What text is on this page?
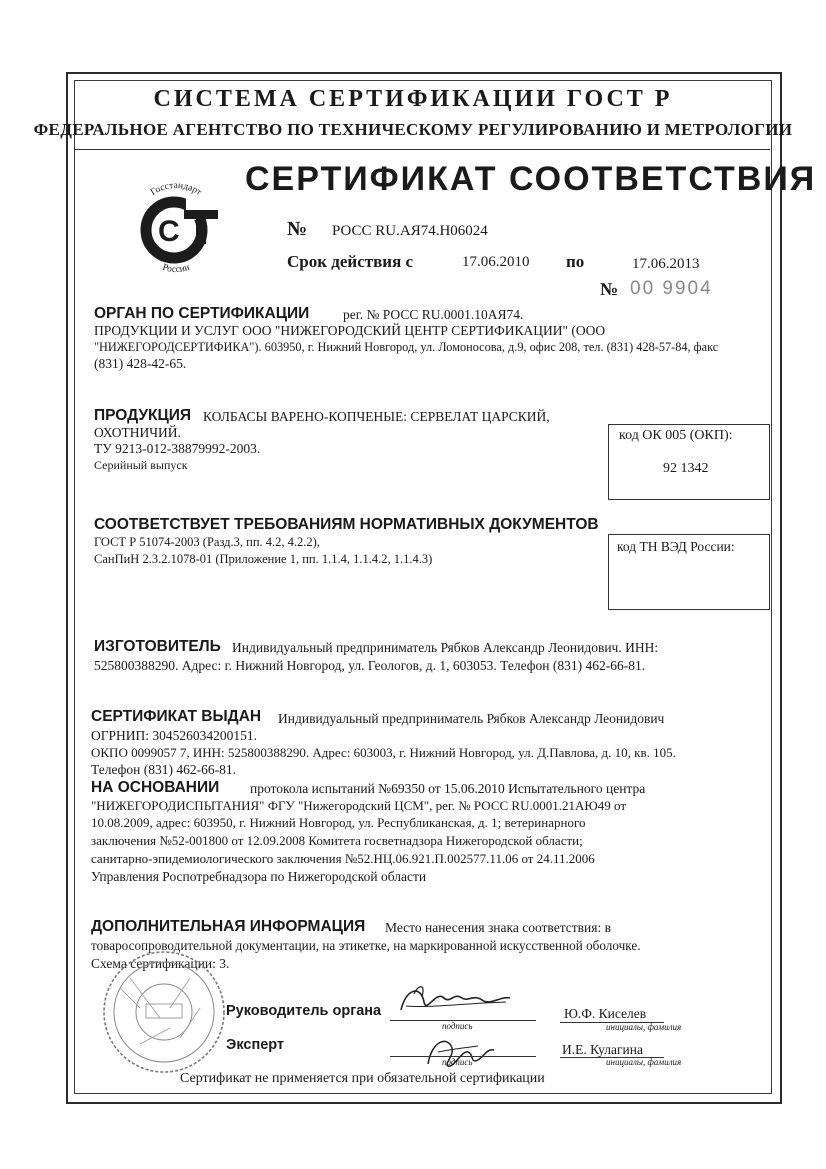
СИСТЕМА СЕРТИФИКАЦИИ ГОСТ Р
ФЕДЕРАЛЬНОЕ АГЕНТСТВО ПО ТЕХНИЧЕСКОМУ РЕГУЛИРОВАНИЮ И МЕТРОЛОГИИ
Госстандарт
России
C
СЕРТИФИКАТ СООТВЕТСТВИЯ
№ РОСС RU.АЯ74.Н06024
Срок действия с	17.06.2010 по	17.06.2013
№ 00 9904
ОРГАН ПО СЕРТИФИКАЦИИ рег. № РОСС RU.0001.10АЯ74.
ПРОДУКЦИИ И УСЛУГ ООО "НИЖЕГОРОДСКИЙ ЦЕНТР СЕРТИФИКАЦИИ" (ООО
"НИЖЕГОРОДСЕРТИФИКА"). 603950, г. Нижний Новгород, ул. Ломоносова, д.9, офис 208, тел. (831) 428-57-84, факс
(831) 428-42-65.
ПРОДУКЦИЯ КОЛБАСЫ ВАРЕНО-КОПЧЕНЫЕ: СЕРВЕЛАТ ЦАРСКИЙ,
ОХОТНИЧИЙ.
ТУ 9213-012-38879992-2003.
Серийный выпуск
код ОК 005 (ОКП):
92 1342
СООТВЕТСТВУЕТ ТРЕБОВАНИЯМ НОРМАТИВНЫХ ДОКУМЕНТОВ
ГОСТ Р 51074-2003 (Разд.3, пп. 4.2, 4.2.2),
СанПиН 2.3.2.1078-01 (Приложение 1, пп. 1.1.4, 1.1.4.2, 1.1.4.3)
код ТН ВЭД России:
ИЗГОТОВИТЕЛЬ Индивидуальный предприниматель Рябков Александр Леонидович. ИНН:
525800388290. Адрес: г. Нижний Новгород, ул. Геологов, д. 1, 603053. Телефон (831) 462-66-81.
СЕРТИФИКАТ ВЫДАН Индивидуальный предприниматель Рябков Александр Леонидович
ОГРНИП: 304526034200151.
ОКПО 0099057 7, ИНН: 525800388290. Адрес: 603003, г. Нижний Новгород, ул. Д.Павлова, д. 10, кв. 105.
Телефон (831) 462-66-81.
НА ОСНОВАНИИ протокола испытаний №69350 от 15.06.2010 Испытательного центра
"НИЖЕГОРОДИСПЫТАНИЯ" ФГУ "Нижегородский ЦСМ", рег. № РОСС RU.0001.21АЮ49 от
10.08.2009, адрес: 603950, г. Нижний Новгород, ул. Республиканская, д. 1; ветеринарного
заключения №52-001800 от 12.09.2008 Комитета госветнадзора Нижегородской области;
санитарно-эпидемиологического заключения №52.НЦ.06.921.П.002577.11.06 от 24.11.2006
Управления Роспотребнадзора по Нижегородской области
ДОПОЛНИТЕЛЬНАЯ ИНФОРМАЦИЯ Место нанесения знака соответствия: в
товаросопроводительной документации, на этикетке, на маркированной искусственной оболочке.
Схема сертификации: 3.
Руководитель органа
подпись
Ю.Ф. Киселев
инициалы, фамилия
Эксперт
подпись
И.Е. Кулагина
инициалы, фамилия
Сертификат не применяется при обязательной сертификации
